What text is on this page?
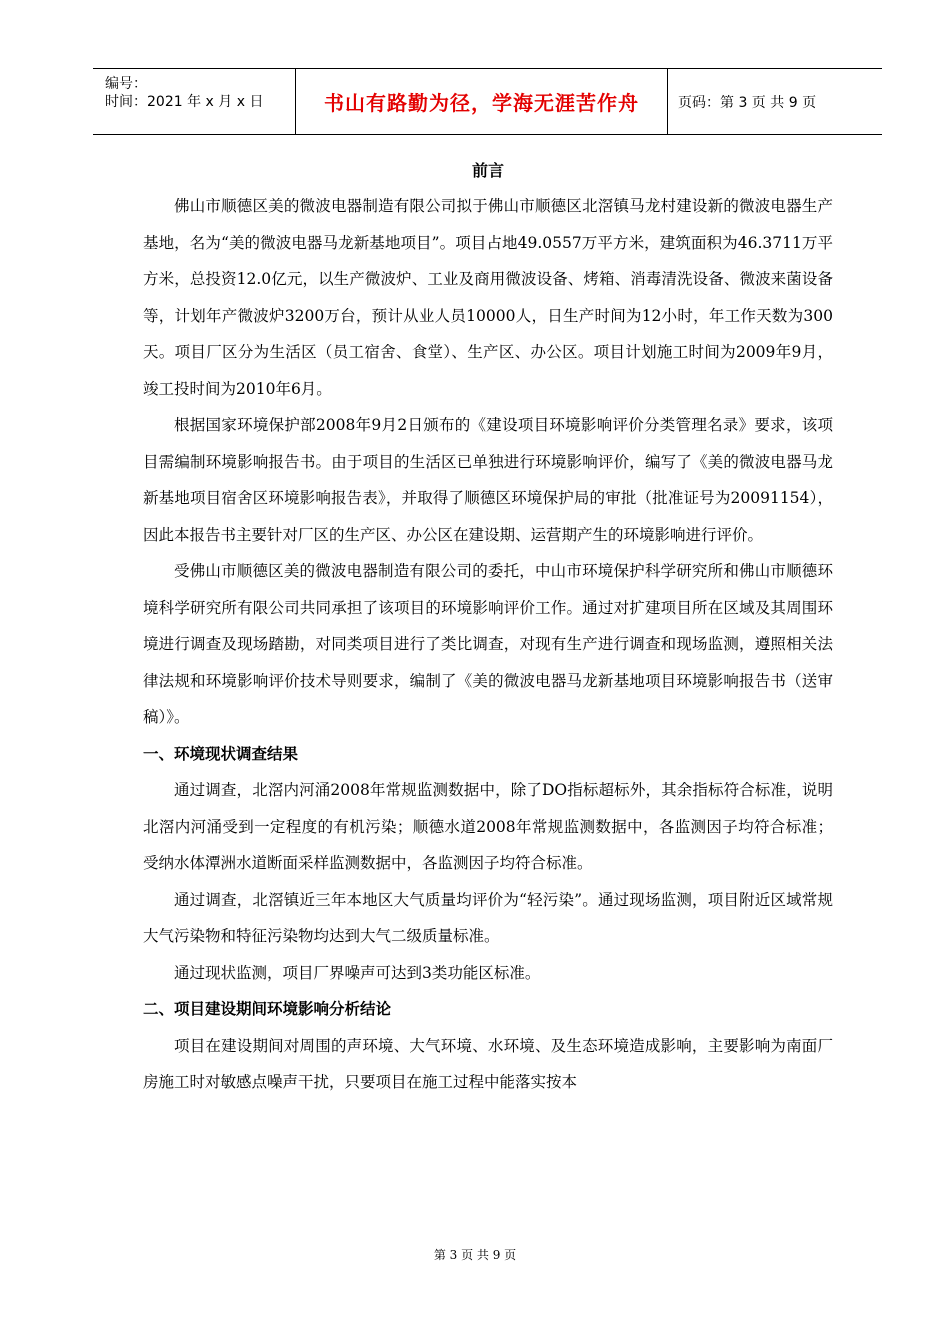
编号：
时间：2021 年 x 月 x 日	书山有路勤为径，学海无涯苦作舟	页码：第 3 页 共 9 页
前言

佛山市顺德区美的微波电器制造有限公司拟于佛山市顺德区北滘镇马龙村建设新的微波电器生产基地，名为“美的微波电器马龙新基地项目”。项目占地49.0557万平方米，建筑面积为46.3711万平方米，总投资12.0亿元，以生产微波炉、工业及商用微波设备、烤箱、消毒清洗设备、微波来菌设备等，计划年产微波炉3200万台，预计从业人员10000人，日生产时间为12小时，年工作天数为300天。项目厂区分为生活区（员工宿舍、食堂）、生产区、办公区。项目计划施工时间为2009年9月，竣工投时间为2010年6月。

根据国家环境保护部2008年9月2日颁布的《建设项目环境影响评价分类管理名录》要求，该项目需编制环境影响报告书。由于项目的生活区已单独进行环境影响评价，编写了《美的微波电器马龙新基地项目宿舍区环境影响报告表》，并取得了顺德区环境保护局的审批（批准证号为20091154），因此本报告书主要针对厂区的生产区、办公区在建设期、运营期产生的环境影响进行评价。

受佛山市顺德区美的微波电器制造有限公司的委托，中山市环境保护科学研究所和佛山市顺德环境科学研究所有限公司共同承担了该项目的环境影响评价工作。通过对扩建项目所在区域及其周围环境进行调查及现场踏勘，对同类项目进行了类比调查，对现有生产进行调查和现场监测，遵照相关法律法规和环境影响评价技术导则要求，编制了《美的微波电器马龙新基地项目环境影响报告书（送审稿）》。

一、环境现状调查结果

通过调查，北滘内河涌2008年常规监测数据中，除了DO指标超标外，其余指标符合标准，说明北滘内河涌受到一定程度的有机污染；顺德水道2008年常规监测数据中，各监测因子均符合标准；受纳水体潭洲水道断面采样监测数据中，各监测因子均符合标准。

通过调查，北滘镇近三年本地区大气质量均评价为“轻污染”。通过现场监测，项目附近区域常规大气污染物和特征污染物均达到大气二级质量标准。

通过现状监测，项目厂界噪声可达到3类功能区标准。

二、项目建设期间环境影响分析结论

项目在建设期间对周围的声环境、大气环境、水环境、及生态环境造成影响，主要影响为南面厂房施工时对敏感点噪声干扰，只要项目在施工过程中能落实按本

第 3 页 共 9 页
